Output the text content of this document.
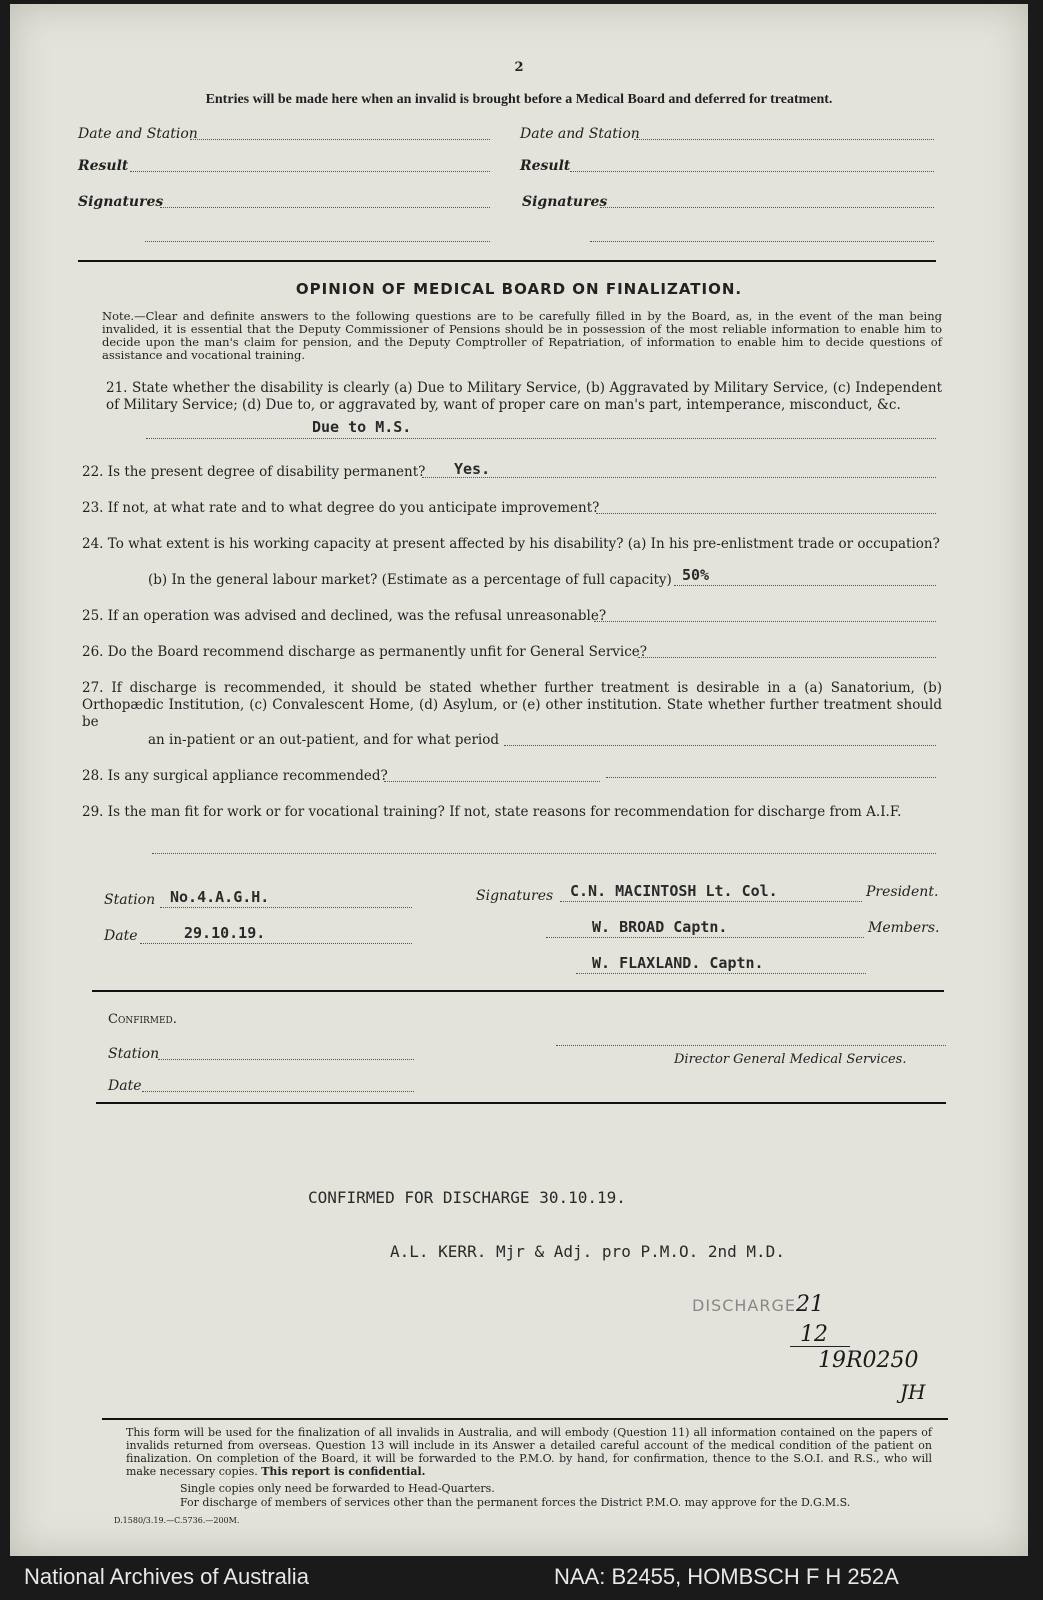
2
Entries will be made here when an invalid is brought before a Medical Board and deferred for treatment.
Date and Station	Date and Station
Result	Result
Signatures	Signatures
OPINION OF MEDICAL BOARD ON FINALIZATION.
Note.—Clear and definite answers to the following questions are to be carefully filled in by the Board, as, in the event of the man being invalided, it is essential that the Deputy Commissioner of Pensions should be in possession of the most reliable information to enable him to decide upon the man's claim for pension, and the Deputy Comptroller of Repatriation, of information to enable him to decide questions of assistance and vocational training.
21. State whether the disability is clearly (a) Due to Military Service, (b) Aggravated by Military Service, (c) Independent of Military Service; (d) Due to, or aggravated by, want of proper care on man's part, intemperance, misconduct, &c.
Due to M.S.
22. Is the present degree of disability permanent? Yes.
23. If not, at what rate and to what degree do you anticipate improvement?
24. To what extent is his working capacity at present affected by his disability? (a) In his pre-enlistment trade or occupation?
(b) In the general labour market? (Estimate as a percentage of full capacity) 50%
25. If an operation was advised and declined, was the refusal unreasonable?
26. Do the Board recommend discharge as permanently unfit for General Service?
27. If discharge is recommended, it should be stated whether further treatment is desirable in a (a) Sanatorium, (b) Orthopædic Institution, (c) Convalescent Home, (d) Asylum, or (e) other institution. State whether further treatment should be
an in-patient or an out-patient, and for what period
28. Is any surgical appliance recommended?
29. Is the man fit for work or for vocational training? If not, state reasons for recommendation for discharge from A.I.F.
Station No.4.A.G.H.
Date	29.10.19.
Signatures C.N. MACINTOSH Lt. Col.	President.
W. BROAD Captn.	Members.
W. FLAXLAND. Captn.
Confirmed.
Station
Date
Director General Medical Services.
CONFIRMED FOR DISCHARGE 30.10.19.
A.L. KERR. Mjr & Adj. pro P.M.O. 2nd M.D.
DISCHARGE.
21
12
19R0250
JH
This form will be used for the finalization of all invalids in Australia, and will embody (Question 11) all information contained on the papers of invalids returned from overseas. Question 13 will include in its Answer a detailed careful account of the medical condition of the patient on finalization. On completion of the Board, it will be forwarded to the P.M.O. by hand, for confirmation, thence to the S.O.I. and R.S., who will make necessary copies. This report is confidential.
Single copies only need be forwarded to Head-Quarters.
For discharge of members of services other than the permanent forces the District P.M.O. may approve for the D.G.M.S.
D.1580/3.19.—C.5736.—200M.
National Archives of Australia	NAA: B2455, HOMBSCH F H 252A
